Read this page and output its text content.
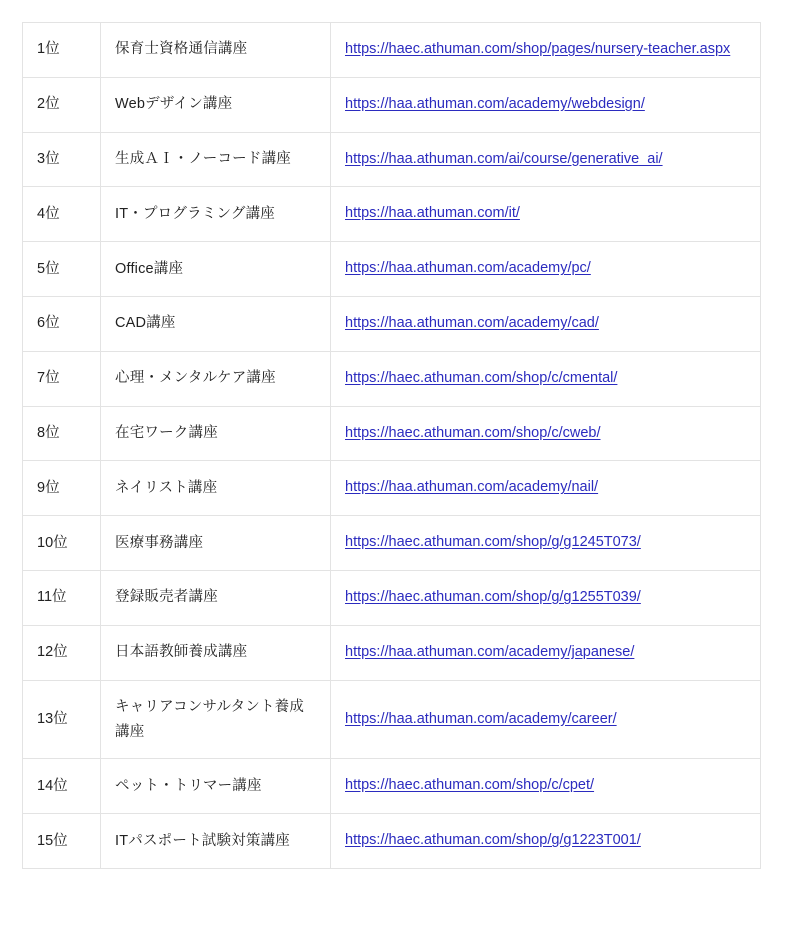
1位	保育士資格通信講座	https://haec.athuman.com/shop/pages/nursery-teacher.aspx
2位	Webデザイン講座	https://haa.athuman.com/academy/webdesign/
3位	生成ＡＩ・ノーコード講座	https://haa.athuman.com/ai/course/generative_ai/
4位	IT・プログラミング講座	https://haa.athuman.com/it/
5位	Office講座	https://haa.athuman.com/academy/pc/
6位	CAD講座	https://haa.athuman.com/academy/cad/
7位	心理・メンタルケア講座	https://haec.athuman.com/shop/c/cmental/
8位	在宅ワーク講座	https://haec.athuman.com/shop/c/cweb/
9位	ネイリスト講座	https://haa.athuman.com/academy/nail/
10位	医療事務講座	https://haec.athuman.com/shop/g/g1245T073/
11位	登録販売者講座	https://haec.athuman.com/shop/g/g1255T039/
12位	日本語教師養成講座	https://haa.athuman.com/academy/japanese/
13位	キャリアコンサルタント養成講座	https://haa.athuman.com/academy/career/
14位	ペット・トリマー講座	https://haec.athuman.com/shop/c/cpet/
15位	ITパスポート試験対策講座	https://haec.athuman.com/shop/g/g1223T001/
